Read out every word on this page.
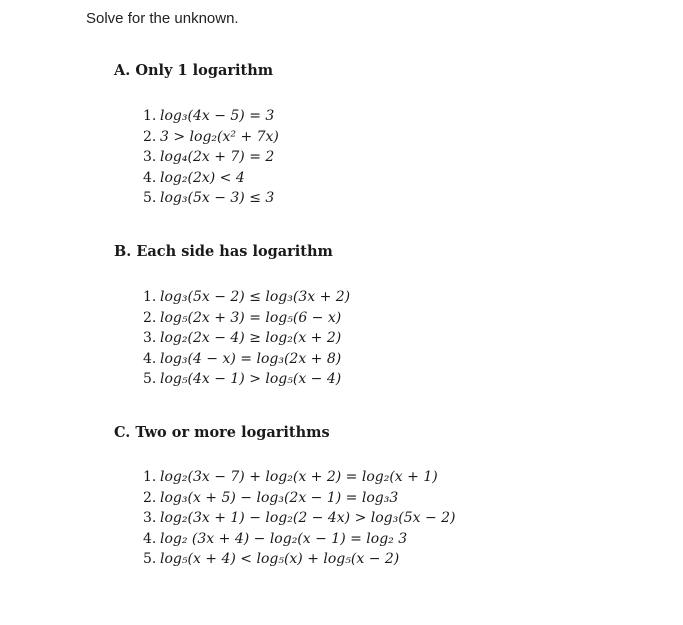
Solve for the unknown.
A. Only 1 logarithm
1. log₃(4x − 5) = 3
2. 3 > log₂(x² + 7x)
3. log₄(2x + 7) = 2
4. log₂(2x) < 4
5. log₃(5x − 3) ≤ 3
B. Each side has logarithm
1. log₃(5x − 2) ≤ log₃(3x + 2)
2. log₅(2x + 3) = log₅(6 − x)
3. log₂(2x − 4) ≥ log₂(x + 2)
4. log₃(4 − x) = log₃(2x + 8)
5. log₅(4x − 1) > log₅(x − 4)
C. Two or more logarithms
1. log₂(3x − 7) + log₂(x + 2) = log₂(x + 1)
2. log₃(x + 5) − log₃(2x − 1) = log₃3
3. log₂(3x + 1) − log₂(2 − 4x) > log₃(5x − 2)
4. log₂ (3x + 4) − log₂(x − 1) = log₂ 3
5. log₅(x + 4) < log₅(x) + log₅(x − 2)
